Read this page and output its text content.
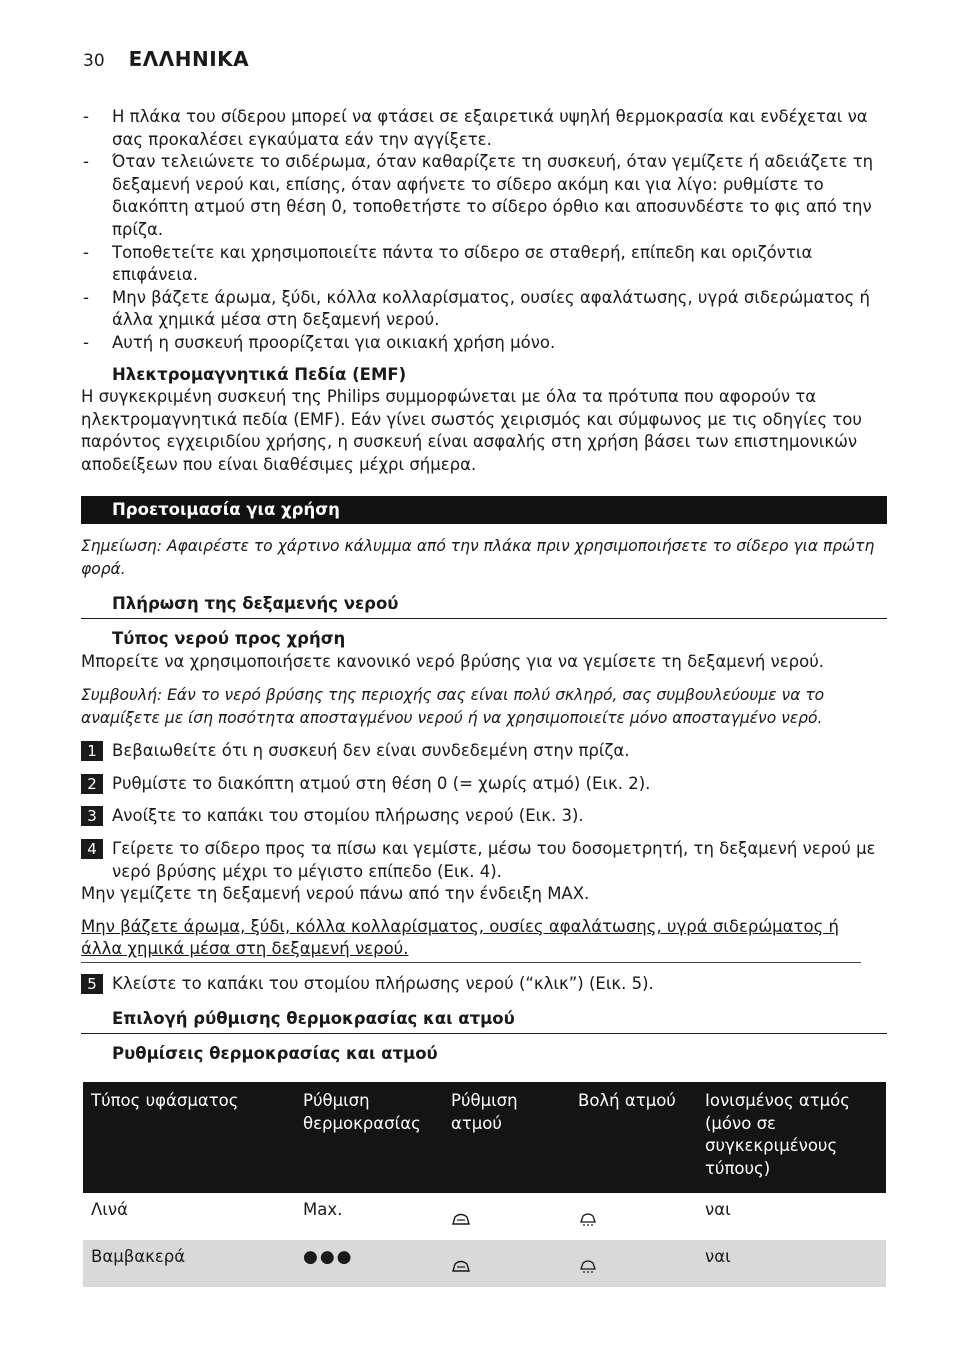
30 ΕΛΛΗΝΙΚΑ
- Η πλάκα του σίδερου μπορεί να φτάσει σε εξαιρετικά υψηλή θερμοκρασία και ενδέχεται να σας προκαλέσει εγκαύματα εάν την αγγίξετε.
- Όταν τελειώνετε το σιδέρωμα, όταν καθαρίζετε τη συσκευή, όταν γεμίζετε ή αδειάζετε τη δεξαμενή νερού και, επίσης, όταν αφήνετε το σίδερο ακόμη και για λίγο: ρυθμίστε το διακόπτη ατμού στη θέση 0, τοποθετήστε το σίδερο όρθιο και αποσυνδέστε το φις από την πρίζα.
- Τοποθετείτε και χρησιμοποιείτε πάντα το σίδερο σε σταθερή, επίπεδη και οριζόντια επιφάνεια.
- Μην βάζετε άρωμα, ξύδι, κόλλα κολλαρίσματος, ουσίες αφαλάτωσης, υγρά σιδερώματος ή άλλα χημικά μέσα στη δεξαμενή νερού.
- Αυτή η συσκευή προορίζεται για οικιακή χρήση μόνο.
Ηλεκτρομαγνητικά Πεδία (EMF)

Η συγκεκριμένη συσκευή της Philips συμμορφώνεται με όλα τα πρότυπα που αφορούν τα ηλεκτρομαγνητικά πεδία (EMF). Εάν γίνει σωστός χειρισμός και σύμφωνος με τις οδηγίες του παρόντος εγχειριδίου χρήσης, η συσκευή είναι ασφαλής στη χρήση βάσει των επιστημονικών αποδείξεων που είναι διαθέσιμες μέχρι σήμερα.

Προετοιμασία για χρήση
Σημείωση: Αφαιρέστε το χάρτινο κάλυμμα από την πλάκα πριν χρησιμοποιήσετε το σίδερο για πρώτη φορά.
Πλήρωση της δεξαμενής νερού
Τύπος νερού προς χρήση

Μπορείτε να χρησιμοποιήσετε κανονικό νερό βρύσης για να γεμίσετε τη δεξαμενή νερού.

Συμβουλή: Εάν το νερό βρύσης της περιοχής σας είναι πολύ σκληρό, σας συμβουλεύουμε να το αναμίξετε με ίση ποσότητα αποσταγμένου νερού ή να χρησιμοποιείτε μόνο αποσταγμένο νερό.
1 Βεβαιωθείτε ότι η συσκευή δεν είναι συνδεδεμένη στην πρίζα.
2 Ρυθμίστε το διακόπτη ατμού στη θέση 0 (= χωρίς ατμό) (Εικ. 2).
3 Ανοίξτε το καπάκι του στομίου πλήρωσης νερού (Εικ. 3).
4 Γείρετε το σίδερο προς τα πίσω και γεμίστε, μέσω του δοσομετρητή, τη δεξαμενή νερού με νερό βρύσης μέχρι το μέγιστο επίπεδο (Εικ. 4).

Μην γεμίζετε τη δεξαμενή νερού πάνω από την ένδειξη MAX.

Μην βάζετε άρωμα, ξύδι, κόλλα κολλαρίσματος, ουσίες αφαλάτωσης, υγρά σιδερώματος ή άλλα χημικά μέσα στη δεξαμενή νερού.
5 Κλείστε το καπάκι του στομίου πλήρωσης νερού (“κλικ”) (Εικ. 5).
Επιλογή ρύθμισης θερμοκρασίας και ατμού
Ρυθμίσεις θερμοκρασίας και ατμού
Τύπος υφάσματος	Ρύθμιση θερμοκρασίας	Ρύθμιση ατμού	Βολή ατμού	Ιονισμένος ατμός (μόνο σε συγκεκριμένους τύπους)
Λινά	Max.			ναι
Βαμβακερά	●●●			ναι
